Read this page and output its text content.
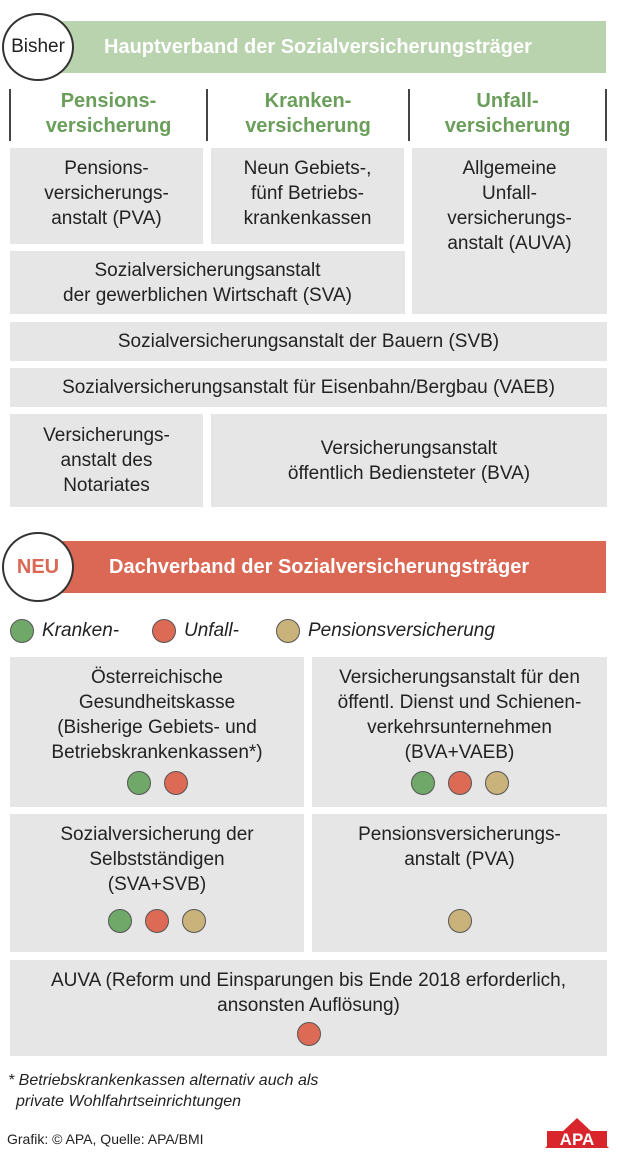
Hauptverband der Sozialversicherungsträger
Bisher
Pensions-
versicherung
Kranken-
versicherung
Unfall-
versicherung
Pensions-
versicherungs-
anstalt (PVA)
Neun Gebiets-,
fünf Betriebs-
krankenkassen
Allgemeine
Unfall-
versicherungs-
anstalt (AUVA)
Sozialversicherungsanstalt
der gewerblichen Wirtschaft (SVA)
Sozialversicherungsanstalt der Bauern (SVB)
Sozialversicherungsanstalt für Eisenbahn/Bergbau (VAEB)
Versicherungs-
anstalt des
Notariates
Versicherungsanstalt
öffentlich Bediensteter (BVA)
Dachverband der Sozialversicherungsträger
NEU
Kranken-	Unfall-	Pensionsversicherung
Österreichische
Gesundheitskasse
(Bisherige Gebiets- und
Betriebskrankenkassen*)
Versicherungsanstalt für den
öffentl. Dienst und Schienen-
verkehrsunternehmen
(BVA+VAEB)
Sozialversicherung der
Selbstständigen
(SVA+SVB)
Pensionsversicherungs-
anstalt (PVA)
AUVA (Reform und Einsparungen bis Ende 2018 erforderlich,
ansonsten Auflösung)
* Betriebskrankenkassen alternativ auch als
private Wohlfahrtseinrichtungen
Grafik: © APA, Quelle: APA/BMI	APA
